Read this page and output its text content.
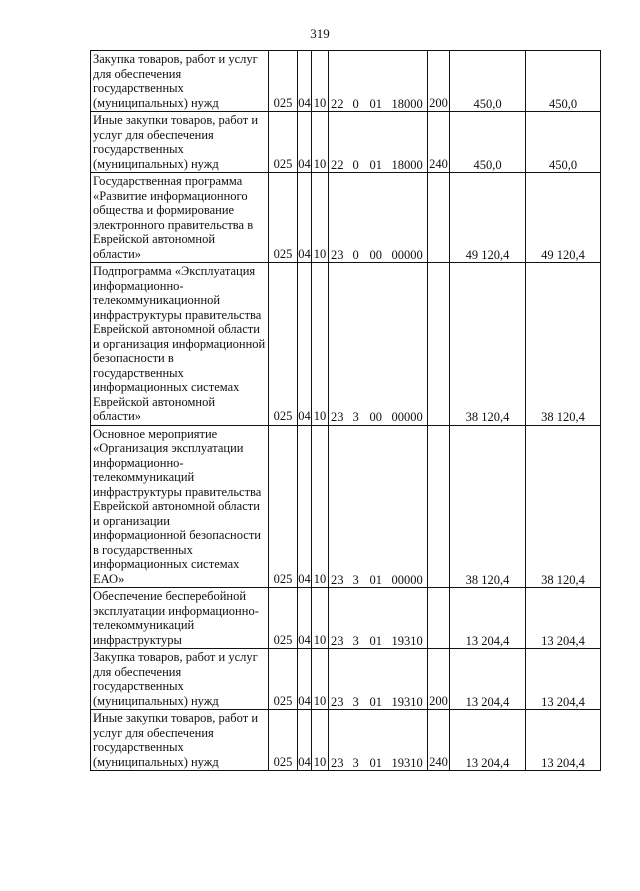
319
Закупка товаров, работ и услуг для обеспечения государственных (муниципальных) нужд	025	04	10	22	0	01	18000	200	450,0	450,0
Иные закупки товаров, работ и услуг для обеспечения государственных (муниципальных) нужд	025	04	10	22	0	01	18000	240	450,0	450,0
Государственная программа «Развитие информационного общества и формирование электронного правительства в Еврейской автономной области»	025	04	10	23	0	00	00000		49 120,4	49 120,4
Подпрограмма «Эксплуатация информационно-телекоммуникационной инфраструктуры правительства Еврейской автономной области и организация информационной безопасности в государственных информационных системах Еврейской автономной области»	025	04	10	23	3	00	00000		38 120,4	38 120,4
Основное мероприятие «Организация эксплуатации информационно-телекоммуникаций инфраструктуры правительства Еврейской автономной области и организации информационной безопасности в государственных информационных системах ЕАО»	025	04	10	23	3	01	00000		38 120,4	38 120,4
Обеспечение бесперебойной эксплуатации информационно-телекоммуникаций инфраструктуры	025	04	10	23	3	01	19310		13 204,4	13 204,4
Закупка товаров, работ и услуг для обеспечения государственных (муниципальных) нужд	025	04	10	23	3	01	19310	200	13 204,4	13 204,4
Иные закупки товаров, работ и услуг для обеспечения государственных (муниципальных) нужд	025	04	10	23	3	01	19310	240	13 204,4	13 204,4
